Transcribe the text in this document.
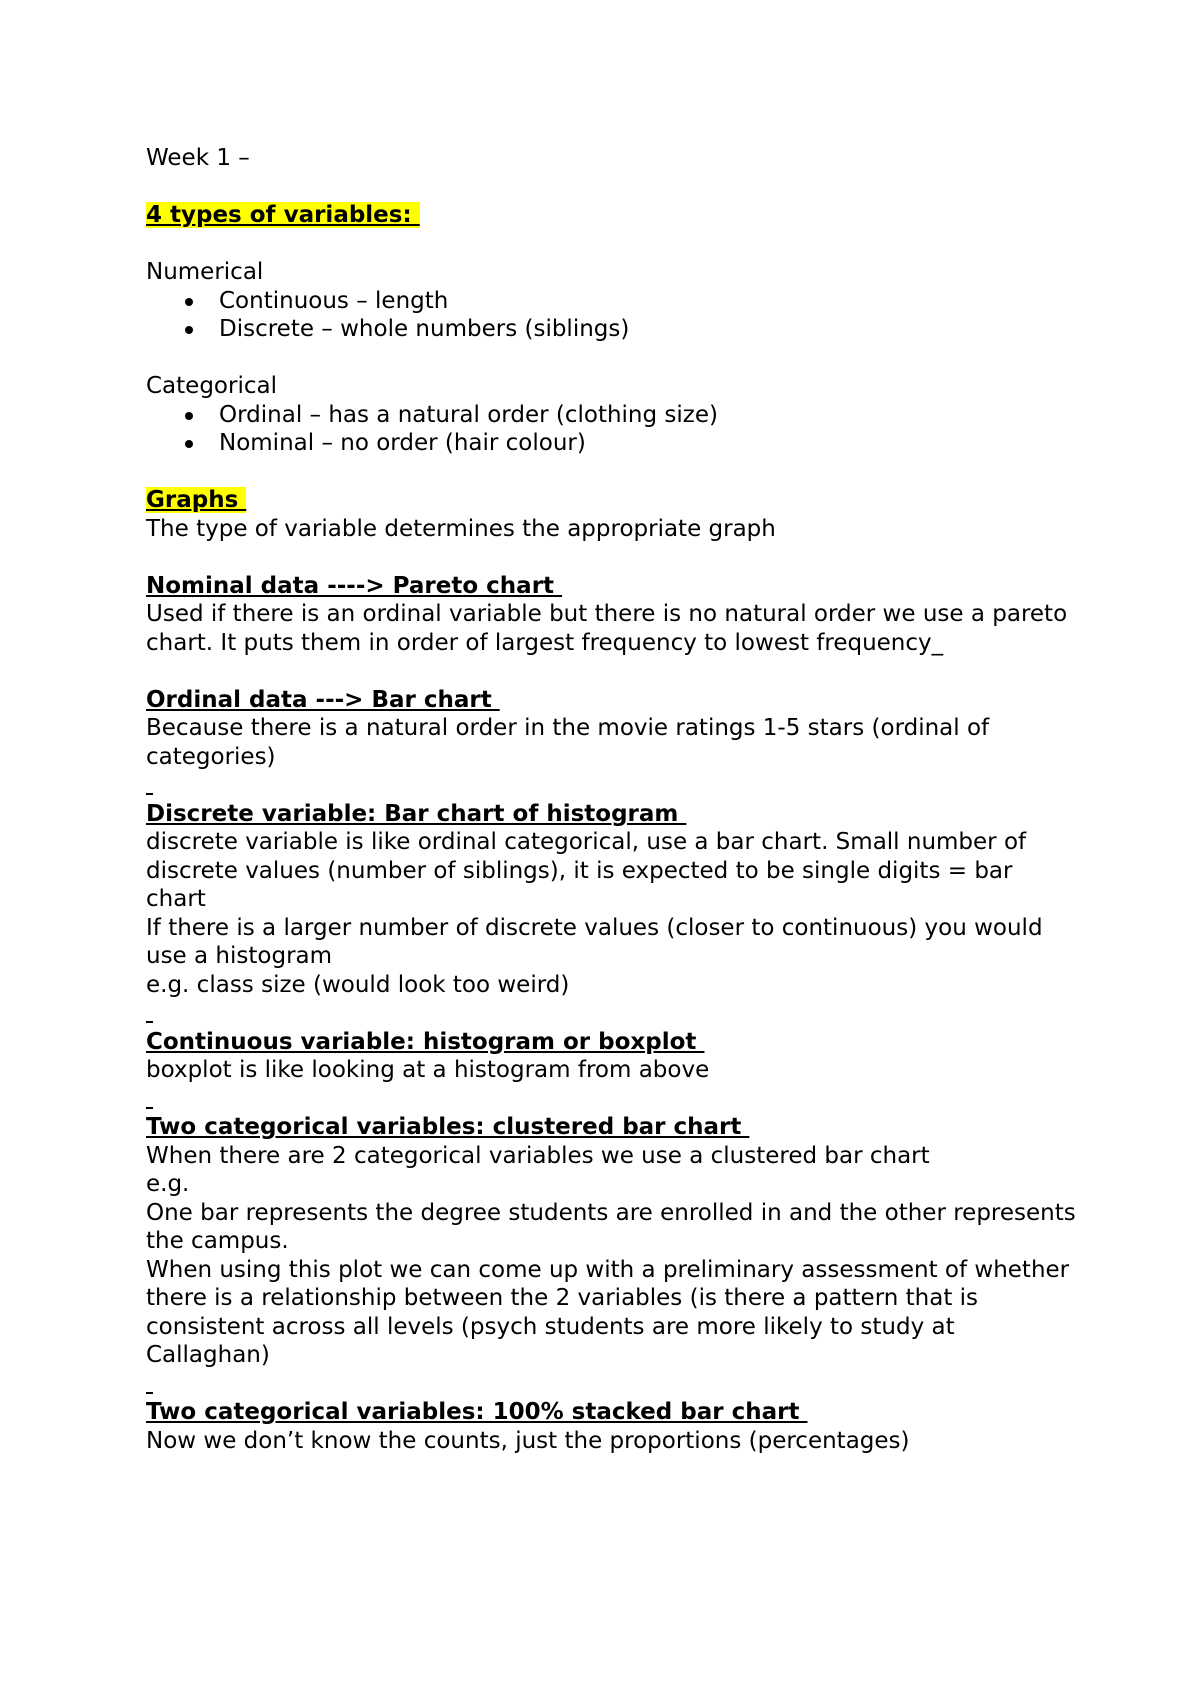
Week 1 –
4 types of variables:
Numerical
Continuous – length
Discrete – whole numbers (siblings)
Categorical
Ordinal – has a natural order (clothing size)
Nominal – no order (hair colour)
Graphs
The type of variable determines the appropriate graph
Nominal data ----> Pareto chart
Used if there is an ordinal variable but there is no natural order we use a pareto chart. It puts them in order of largest frequency to lowest frequency_
Ordinal data ---> Bar chart
Because there is a natural order in the movie ratings 1-5 stars (ordinal of categories)
Discrete variable: Bar chart of histogram
discrete variable is like ordinal categorical, use a bar chart. Small number of discrete values (number of siblings), it is expected to be single digits = bar chart
If there is a larger number of discrete values (closer to continuous) you would use a histogram
e.g. class size (would look too weird)
Continuous variable: histogram or boxplot
boxplot is like looking at a histogram from above
Two categorical variables: clustered bar chart
When there are 2 categorical variables we use a clustered bar chart
e.g.
One bar represents the degree students are enrolled in and the other represents the campus.
When using this plot we can come up with a preliminary assessment of whether there is a relationship between the 2 variables (is there a pattern that is consistent across all levels (psych students are more likely to study at Callaghan)
Two categorical variables: 100% stacked bar chart
Now we don’t know the counts, just the proportions (percentages)
